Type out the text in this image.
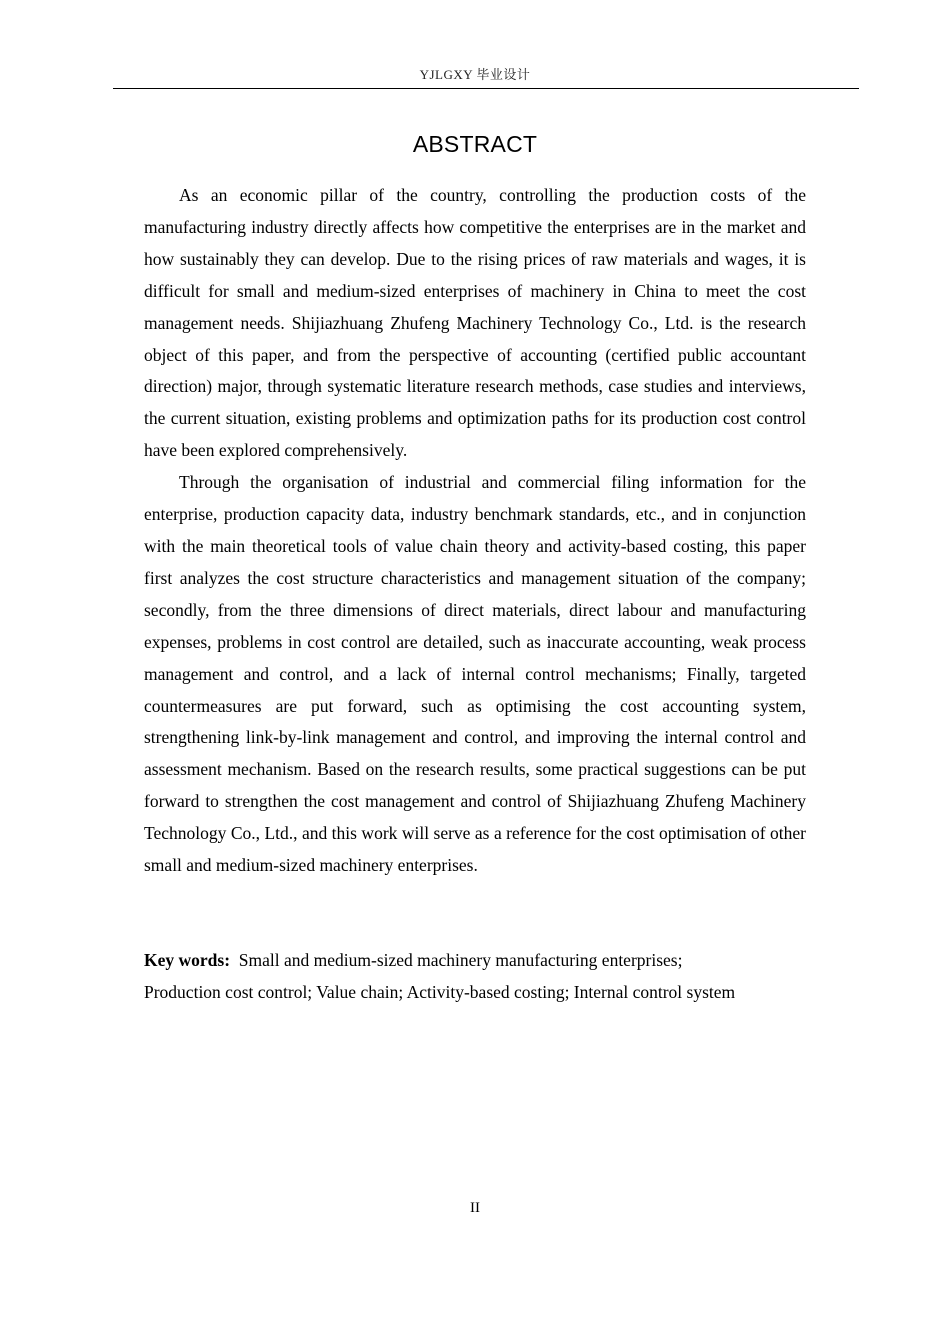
YJLGXY 毕业设计
ABSTRACT

As an economic pillar of the country, controlling the production costs of the manufacturing industry directly affects how competitive the enterprises are in the market and how sustainably they can develop. Due to the rising prices of raw materials and wages, it is difficult for small and medium-sized enterprises of machinery in China to meet the cost management needs. Shijiazhuang Zhufeng Machinery Technology Co., Ltd. is the research object of this paper, and from the perspective of accounting (certified public accountant direction) major, through systematic literature research methods, case studies and interviews, the current situation, existing problems and optimization paths for its production cost control have been explored comprehensively.

Through the organisation of industrial and commercial filing information for the enterprise, production capacity data, industry benchmark standards, etc., and in conjunction with the main theoretical tools of value chain theory and activity-based costing, this paper first analyzes the cost structure characteristics and management situation of the company; secondly, from the three dimensions of direct materials, direct labour and manufacturing expenses, problems in cost control are detailed, such as inaccurate accounting, weak process management and control, and a lack of internal control mechanisms; Finally, targeted countermeasures are put forward, such as optimising the cost accounting system, strengthening link-by-link management and control, and improving the internal control and assessment mechanism. Based on the research results, some practical suggestions can be put forward to strengthen the cost management and control of Shijiazhuang Zhufeng Machinery Technology Co., Ltd., and this work will serve as a reference for the cost optimisation of other small and medium-sized machinery enterprises.

Key words: Small and medium-sized machinery manufacturing enterprises;
Production cost control; Value chain; Activity-based costing; Internal control system
II
